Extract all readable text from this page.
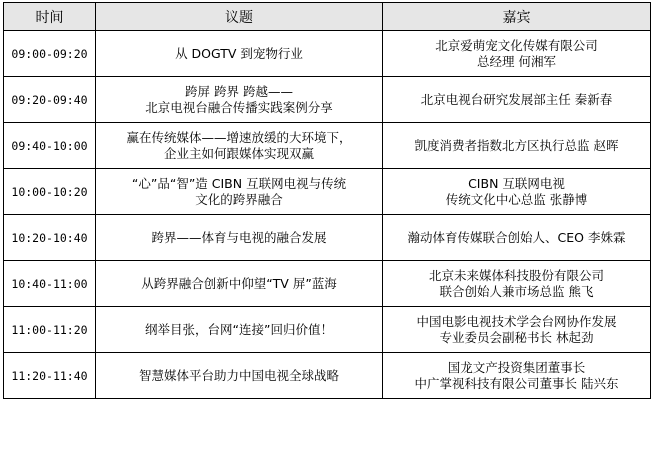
时间	议题	嘉宾
09:00-09:20	从 DOGTV 到宠物行业	北京爱萌宠文化传媒有限公司
总经理 何湘军

09:20-09:40	跨屏 跨界 跨越——
北京电视台融合传播实践案例分享	北京电视台研究发展部主任 秦新春

09:40-10:00	赢在传统媒体——增速放缓的大环境下，
企业主如何跟媒体实现双赢	凯度消费者指数北方区执行总监 赵晖

10:00-10:20	“心”品“智”造 CIBN 互联网电视与传统
文化的跨界融合	CIBN 互联网电视
传统文化中心总监 张静博

10:20-10:40	跨界——体育与电视的融合发展	瀚动体育传媒联合创始人、CEO 李姝霖

10:40-11:00	从跨界融合创新中仰望“TV 屏”蓝海	北京未来媒体科技股份有限公司
联合创始人兼市场总监 熊飞

11:00-11:20	纲举目张，台网“连接”回归价值！	中国电影电视技术学会台网协作发展
专业委员会副秘书长 林起劲

11:20-11:40	智慧媒体平台助力中国电视全球战略	国龙文产投资集团董事长
中广掌视科技有限公司董事长 陆兴东
